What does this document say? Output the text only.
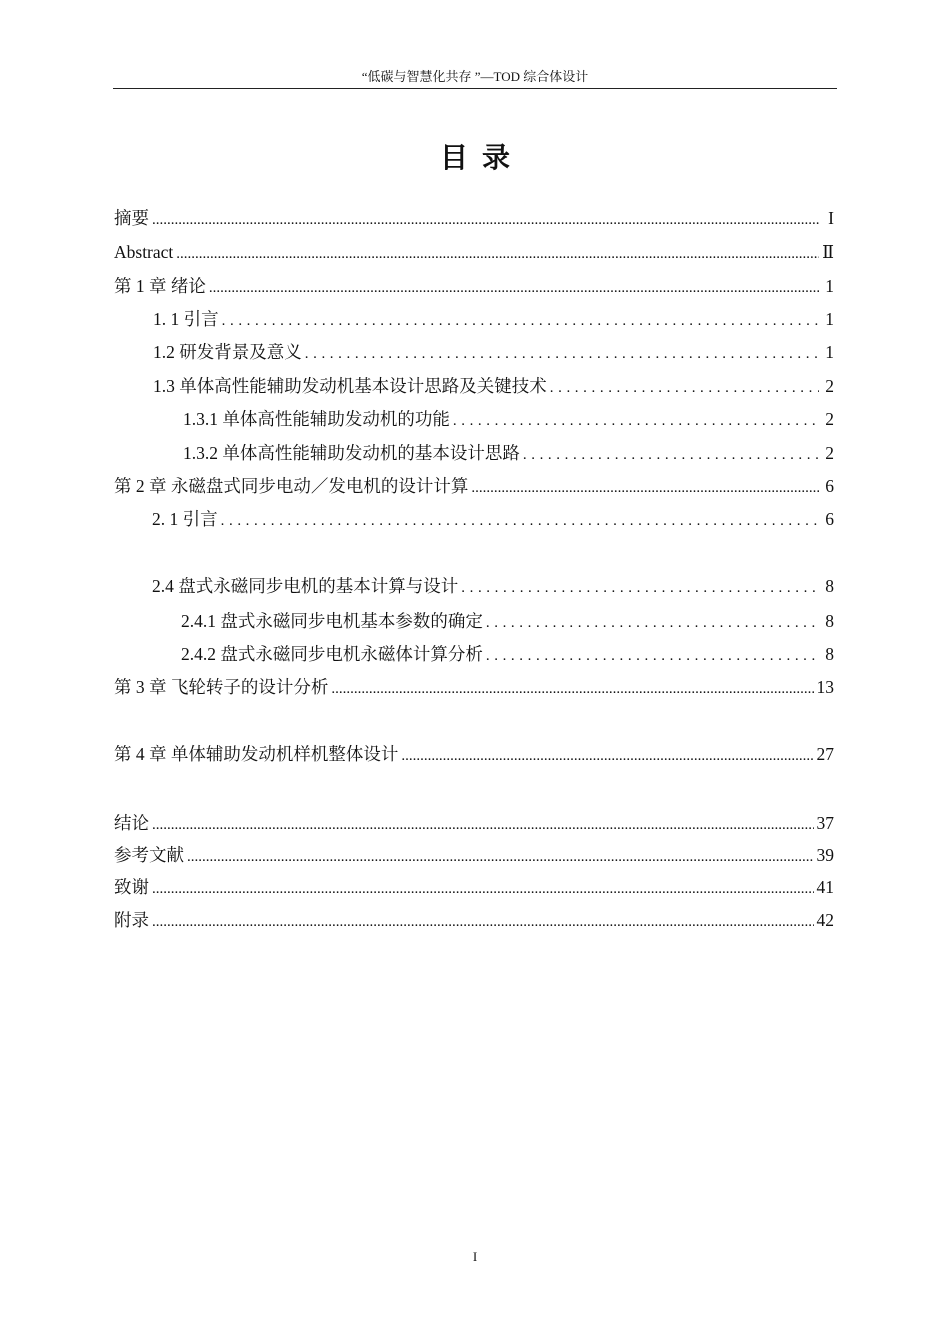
“低碳与智慧化共存 ”—TOD 综合体设计
目录
摘要 .....	I
Abstract .....	Ⅱ
第 1 章 绪论 .....	1
1. 1 引言 .....	1
1.2 研发背景及意义 .....	1
1.3 单体高性能辅助发动机基本设计思路及关键技术 .....	2
1.3.1 单体高性能辅助发动机的功能 .....	2
1.3.2 单体高性能辅助发动机的基本设计思路 .....	2
第 2 章 永磁盘式同步电动／发电机的设计计算 .....	6
2. 1 引言 .....	6
2.4 盘式永磁同步电机的基本计算与设计 .....	8
2.4.1 盘式永磁同步电机基本参数的确定 .....	8
2.4.2 盘式永磁同步电机永磁体计算分析 .....	8
第 3 章 飞轮转子的设计分析 .....	13
第 4 章 单体辅助发动机样机整体设计 .....	27
结论 .....	37
参考文献 .....	39
致谢 .....	41
附录 .....	42
I
